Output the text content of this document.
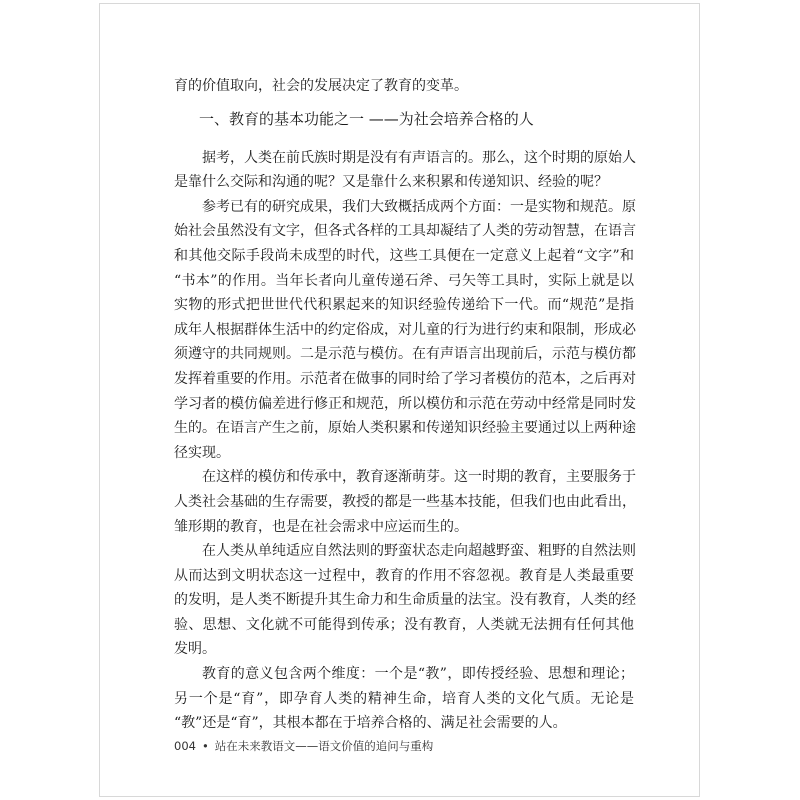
育的价值取向，社会的发展决定了教育的变革。
一、教育的基本功能之一 ——为社会培养合格的人
据考，人类在前氏族时期是没有有声语言的。那么，这个时期的原始人
是靠什么交际和沟通的呢？又是靠什么来积累和传递知识、经验的呢？
参考已有的研究成果，我们大致概括成两个方面：一是实物和规范。原
始社会虽然没有文字，但各式各样的工具却凝结了人类的劳动智慧，在语言
和其他交际手段尚未成型的时代，这些工具便在一定意义上起着“文字”和
“书本”的作用。当年长者向儿童传递石斧、弓矢等工具时，实际上就是以
实物的形式把世世代代积累起来的知识经验传递给下一代。而“规范”是指
成年人根据群体生活中的约定俗成，对儿童的行为进行约束和限制，形成必
须遵守的共同规则。二是示范与模仿。在有声语言出现前后，示范与模仿都
发挥着重要的作用。示范者在做事的同时给了学习者模仿的范本，之后再对
学习者的模仿偏差进行修正和规范，所以模仿和示范在劳动中经常是同时发
生的。在语言产生之前，原始人类积累和传递知识经验主要通过以上两种途
径实现。
在这样的模仿和传承中，教育逐渐萌芽。这一时期的教育，主要服务于
人类社会基础的生存需要，教授的都是一些基本技能，但我们也由此看出，
雏形期的教育，也是在社会需求中应运而生的。
在人类从单纯适应自然法则的野蛮状态走向超越野蛮、粗野的自然法则
从而达到文明状态这一过程中，教育的作用不容忽视。教育是人类最重要
的发明，是人类不断提升其生命力和生命质量的法宝。没有教育，人类的经
验、思想、文化就不可能得到传承；没有教育，人类就无法拥有任何其他
发明。
教育的意义包含两个维度：一个是“教”，即传授经验、思想和理论；
另一个是“育”，即孕育人类的精神生命，培育人类的文化气质。无论是
“教”还是“育”，其根本都在于培养合格的、满足社会需要的人。
004 • 站在未来教语文——语文价值的追问与重构
